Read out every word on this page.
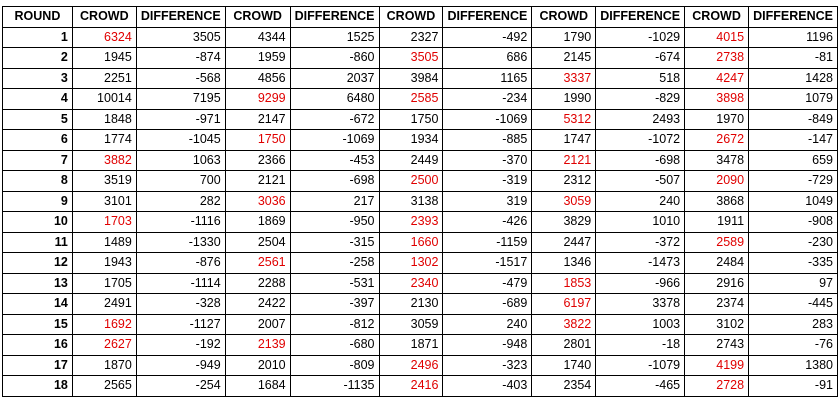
ROUND	CROWD	DIFFERENCE	CROWD	DIFFERENCE	CROWD	DIFFERENCE	CROWD	DIFFERENCE	CROWD	DIFFERENCE
1	6324	3505	4344	1525	2327	-492	1790	-1029	4015	1196
2	1945	-874	1959	-860	3505	686	2145	-674	2738	-81
3	2251	-568	4856	2037	3984	1165	3337	518	4247	1428
4	10014	7195	9299	6480	2585	-234	1990	-829	3898	1079
5	1848	-971	2147	-672	1750	-1069	5312	2493	1970	-849
6	1774	-1045	1750	-1069	1934	-885	1747	-1072	2672	-147
7	3882	1063	2366	-453	2449	-370	2121	-698	3478	659
8	3519	700	2121	-698	2500	-319	2312	-507	2090	-729
9	3101	282	3036	217	3138	319	3059	240	3868	1049
10	1703	-1116	1869	-950	2393	-426	3829	1010	1911	-908
11	1489	-1330	2504	-315	1660	-1159	2447	-372	2589	-230
12	1943	-876	2561	-258	1302	-1517	1346	-1473	2484	-335
13	1705	-1114	2288	-531	2340	-479	1853	-966	2916	97
14	2491	-328	2422	-397	2130	-689	6197	3378	2374	-445
15	1692	-1127	2007	-812	3059	240	3822	1003	3102	283
16	2627	-192	2139	-680	1871	-948	2801	-18	2743	-76
17	1870	-949	2010	-809	2496	-323	1740	-1079	4199	1380
18	2565	-254	1684	-1135	2416	-403	2354	-465	2728	-91
